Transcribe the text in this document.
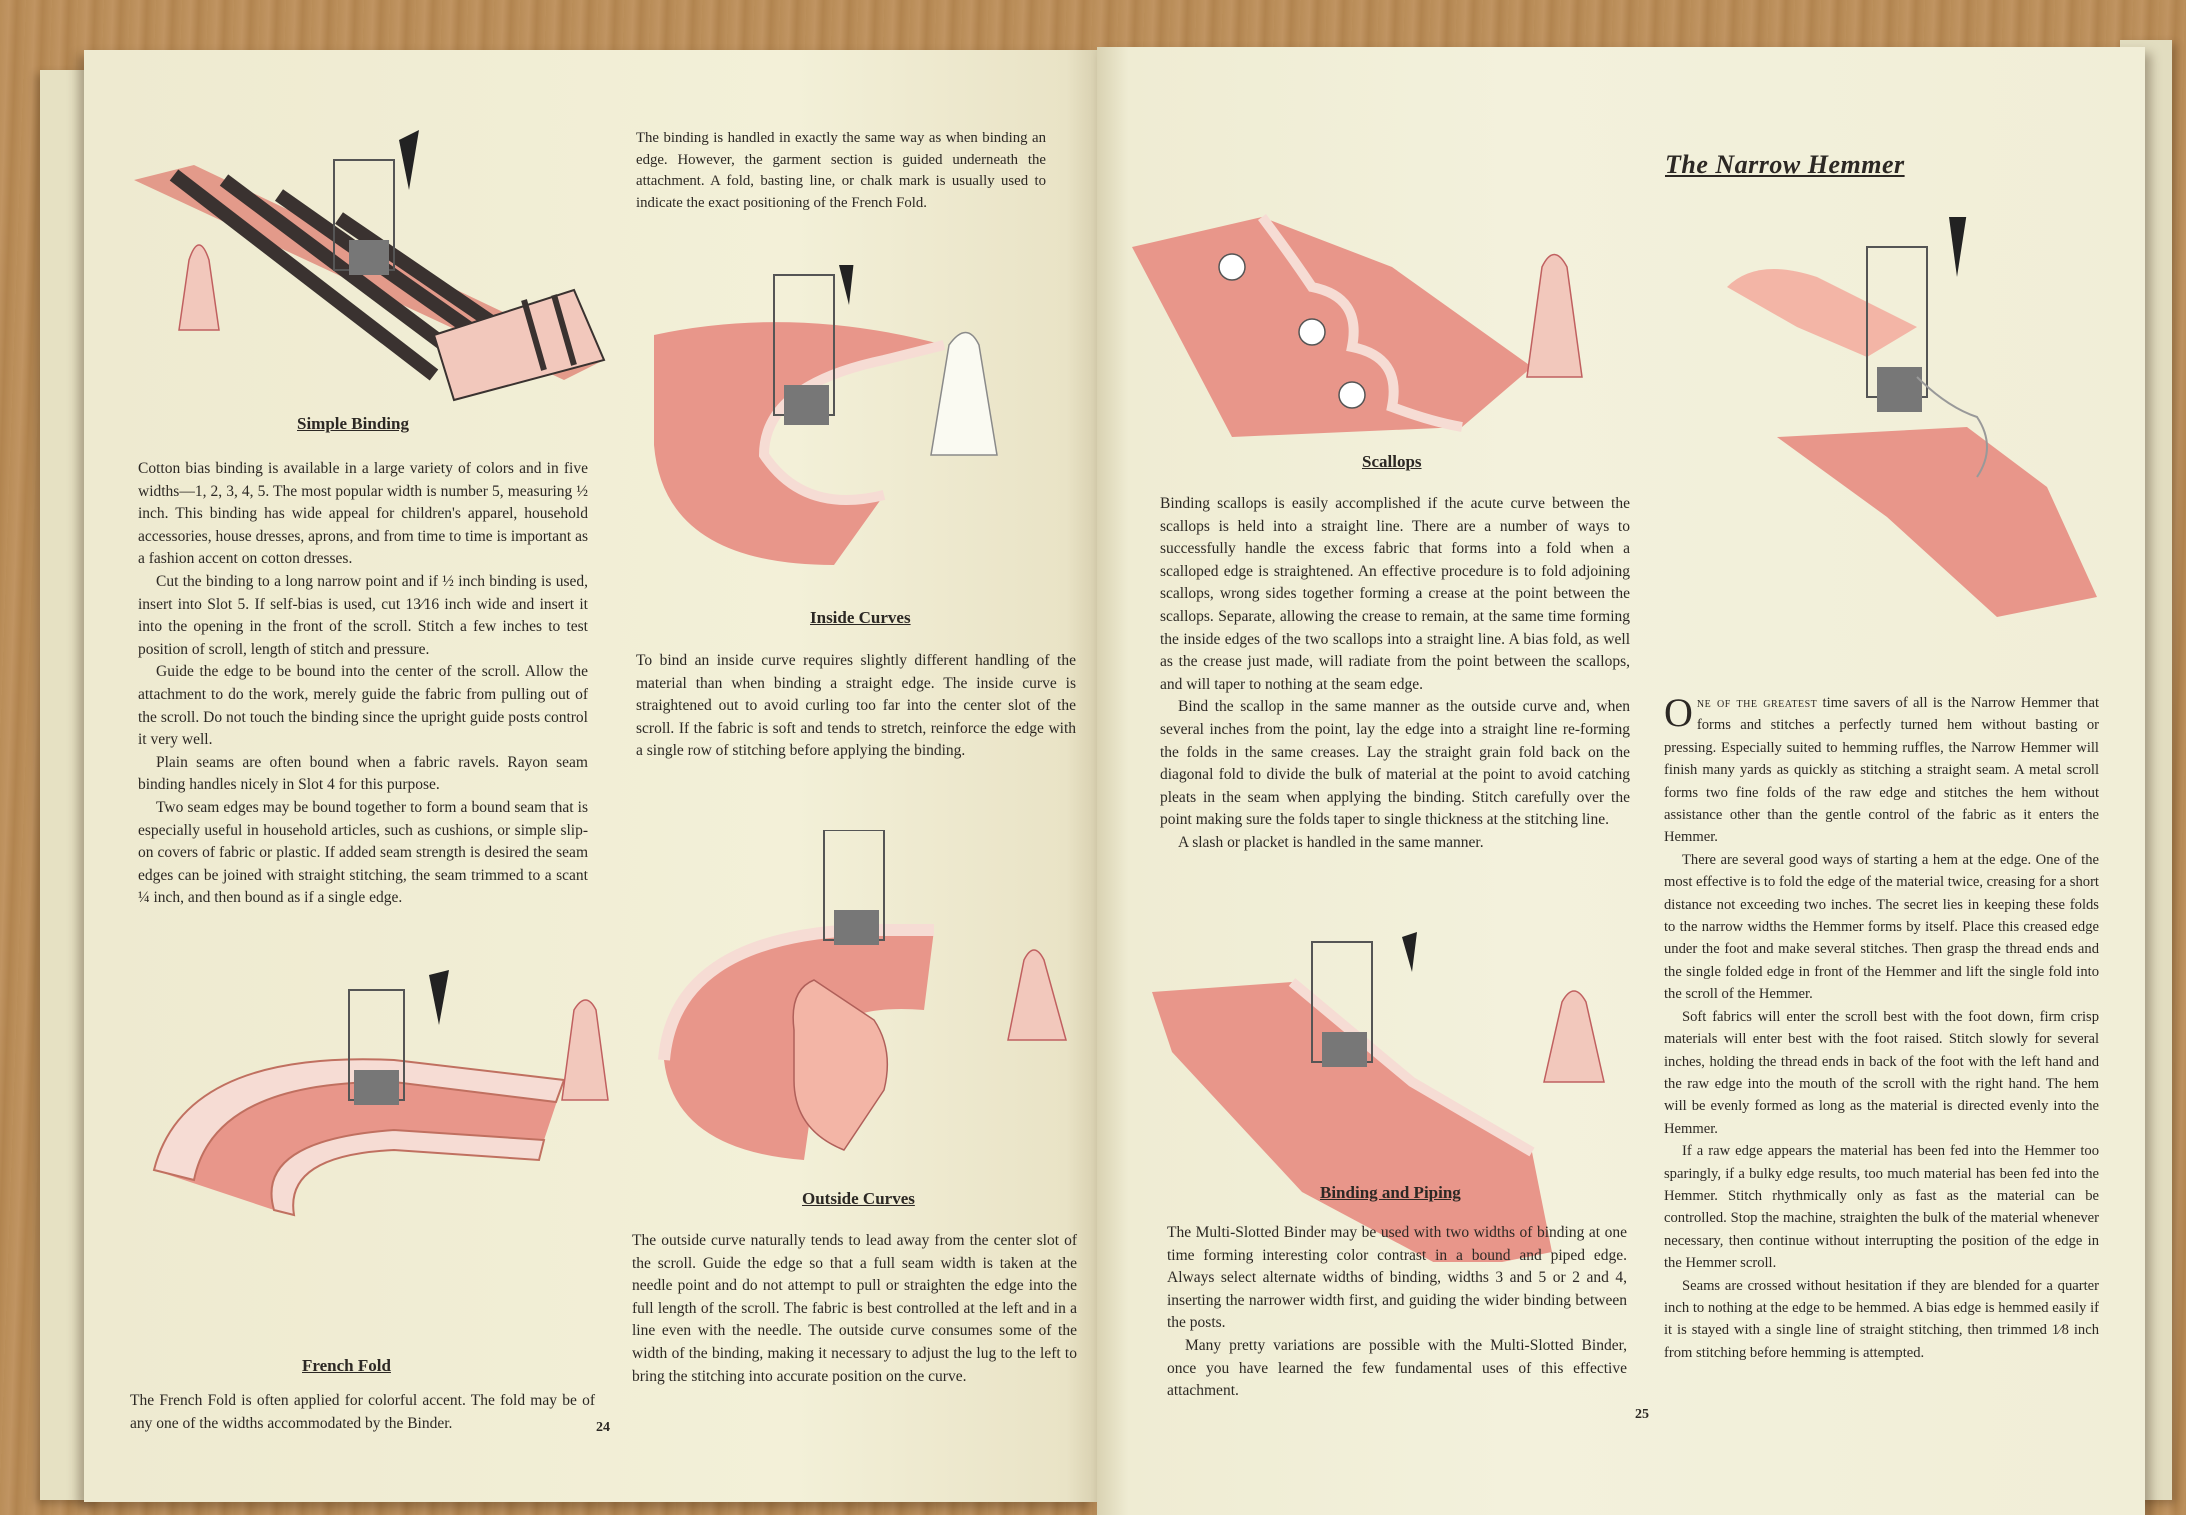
Simple Binding

Cotton bias binding is available in a large variety of colors and in five widths—1, 2, 3, 4, 5. The most popular width is number 5, measuring ½ inch. This binding has wide appeal for children's apparel, household accessories, house dresses, aprons, and from time to time is important as a fashion accent on cotton dresses.

Cut the binding to a long narrow point and if ½ inch binding is used, insert into Slot 5. If self-bias is used, cut 13⁄16 inch wide and insert it into the opening in the front of the scroll. Stitch a few inches to test position of scroll, length of stitch and pressure.

Guide the edge to be bound into the center of the scroll. Allow the attachment to do the work, merely guide the fabric from pulling out of the scroll. Do not touch the binding since the upright guide posts control it very well.

Plain seams are often bound when a fabric ravels. Rayon seam binding handles nicely in Slot 4 for this purpose.

Two seam edges may be bound together to form a bound seam that is especially useful in household articles, such as cushions, or simple slip-on covers of fabric or plastic. If added seam strength is desired the seam edges can be joined with straight stitching, the seam trimmed to a scant ¼ inch, and then bound as if a single edge.

French Fold

The French Fold is often applied for colorful accent. The fold may be of any one of the widths accommodated by the Binder.

The binding is handled in exactly the same way as when binding an edge. However, the garment section is guided underneath the attachment. A fold, basting line, or chalk mark is usually used to indicate the exact positioning of the French Fold.

Inside Curves

To bind an inside curve requires slightly different handling of the material than when binding a straight edge. The inside curve is straightened out to avoid curling too far into the center slot of the scroll. If the fabric is soft and tends to stretch, reinforce the edge with a single row of stitching before applying the binding.

Outside Curves

The outside curve naturally tends to lead away from the center slot of the scroll. Guide the edge so that a full seam width is taken at the needle point and do not attempt to pull or straighten the edge into the full length of the scroll. The fabric is best controlled at the left and in a line even with the needle. The outside curve consumes some of the width of the binding, making it necessary to adjust the lug to the left to bring the stitching into accurate position on the curve.

24
Scallops

Binding scallops is easily accomplished if the acute curve between the scallops is held into a straight line. There are a number of ways to successfully handle the excess fabric that forms into a fold when a scalloped edge is straightened. An effective procedure is to fold adjoining scallops, wrong sides together forming a crease at the point between the scallops. Separate, allowing the crease to remain, at the same time forming the inside edges of the two scallops into a straight line. A bias fold, as well as the crease just made, will radiate from the point between the scallops, and will taper to nothing at the seam edge.

Bind the scallop in the same manner as the outside curve and, when several inches from the point, lay the edge into a straight line re-forming the folds in the same creases. Lay the straight grain fold back on the diagonal fold to divide the bulk of material at the point to avoid catching pleats in the seam when applying the binding. Stitch carefully over the point making sure the folds taper to single thickness at the stitching line.

A slash or placket is handled in the same manner.

Binding and Piping

The Multi-Slotted Binder may be used with two widths of binding at one time forming interesting color contrast in a bound and piped edge. Always select alternate widths of binding, widths 3 and 5 or 2 and 4, inserting the narrower width first, and guiding the wider binding between the posts.

Many pretty variations are possible with the Multi-Slotted Binder, once you have learned the few fundamental uses of this effective attachment.

The Narrow Hemmer

One of the greatest time savers of all is the Narrow Hemmer that forms and stitches a perfectly turned hem without basting or pressing. Especially suited to hemming ruffles, the Narrow Hemmer will finish many yards as quickly as stitching a straight seam. A metal scroll forms two fine folds of the raw edge and stitches the hem without assistance other than the gentle control of the fabric as it enters the Hemmer.

There are several good ways of starting a hem at the edge. One of the most effective is to fold the edge of the material twice, creasing for a short distance not exceeding two inches. The secret lies in keeping these folds to the narrow widths the Hemmer forms by itself. Place this creased edge under the foot and make several stitches. Then grasp the thread ends and the single folded edge in front of the Hemmer and lift the single fold into the scroll of the Hemmer.

Soft fabrics will enter the scroll best with the foot down, firm crisp materials will enter best with the foot raised. Stitch slowly for several inches, holding the thread ends in back of the foot with the left hand and the raw edge into the mouth of the scroll with the right hand. The hem will be evenly formed as long as the material is directed evenly into the Hemmer.

If a raw edge appears the material has been fed into the Hemmer too sparingly, if a bulky edge results, too much material has been fed into the Hemmer. Stitch rhythmically only as fast as the material can be controlled. Stop the machine, straighten the bulk of the material whenever necessary, then continue without interrupting the position of the edge in the Hemmer scroll.

Seams are crossed without hesitation if they are blended for a quarter inch to nothing at the edge to be hemmed. A bias edge is hemmed easily if it is stayed with a single line of straight stitching, then trimmed 1⁄8 inch from stitching before hemming is attempted.

25
